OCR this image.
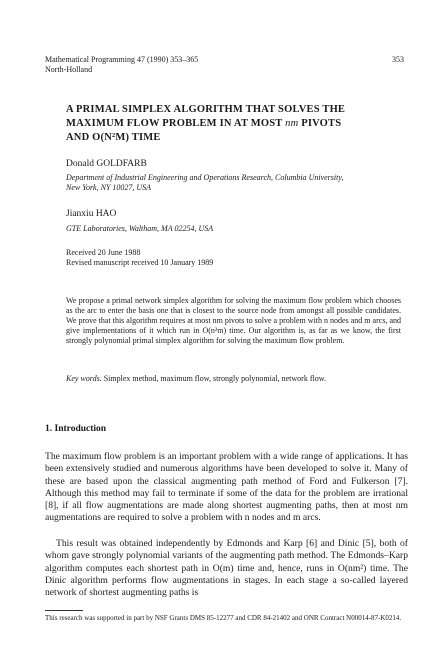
Mathematical Programming 47 (1990) 353–365
North-Holland
353
A PRIMAL SIMPLEX ALGORITHM THAT SOLVES THE
MAXIMUM FLOW PROBLEM IN AT MOST nm PIVOTS
AND O(N²M) TIME
Donald GOLDFARB
Department of Industrial Engineering and Operations Research, Columbia University,
New York, NY 10027, USA
Jianxiu HAO
GTE Laboratories, Waltham, MA 02254, USA
Received 20 June 1988
Revised manuscript received 10 January 1989
We propose a primal network simplex algorithm for solving the maximum flow problem which chooses as the arc to enter the basis one that is closest to the source node from amongst all possible candidates. We prove that this algorithm requires at most nm pivots to solve a problem with n nodes and m arcs, and give implementations of it which run in O(n²m) time. Our algorithm is, as far as we know, the first strongly polynomial primal simplex algorithm for solving the maximum flow problem.
Key words. Simplex method, maximum flow, strongly polynomial, network flow.
1. Introduction
The maximum flow problem is an important problem with a wide range of applications. It has been extensively studied and numerous algorithms have been developed to solve it. Many of these are based upon the classical augmenting path method of Ford and Fulkerson [7]. Although this method may fail to terminate if some of the data for the problem are irrational [8], if all flow augmentations are made along shortest augmenting paths, then at most nm augmentations are required to solve a problem with n nodes and m arcs.
This result was obtained independently by Edmonds and Karp [6] and Dinic [5], both of whom gave strongly polynomial variants of the augmenting path method. The Edmonds–Karp algorithm computes each shortest path in O(m) time and, hence, runs in O(nm²) time. The Dinic algorithm performs flow augmentations in stages. In each stage a so-called layered network of shortest augmenting paths is
This research was supported in part by NSF Grants DMS 85-12277 and CDR 84-21402 and ONR Contract N00014-87-K0214.
